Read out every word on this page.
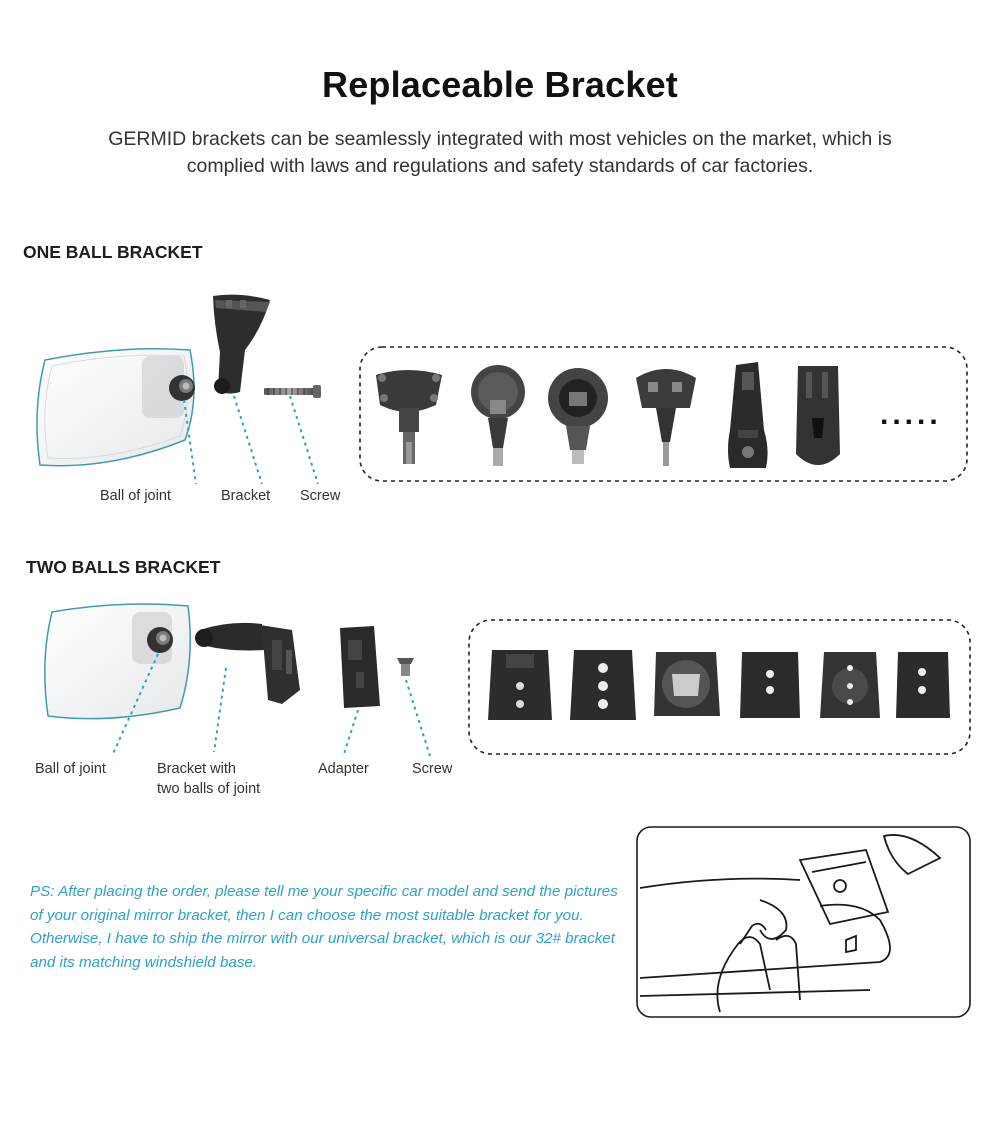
Replaceable Bracket
GERMID brackets can be seamlessly integrated with most vehicles on the market, which is complied with laws and regulations and safety standards of car factories.
ONE BALL BRACKET
TWO BALLS BRACKET
.....
Ball of joint	Bracket Screw
Ball of joint	Bracket with
two balls of joint
Adapter	Screw
PS: After placing the order, please tell me your specific car model and send the pictures of your original mirror bracket, then I can choose the most suitable bracket for you. Otherwise, I have to ship the mirror with our universal bracket, which is our 32# bracket and its matching windshield base.
